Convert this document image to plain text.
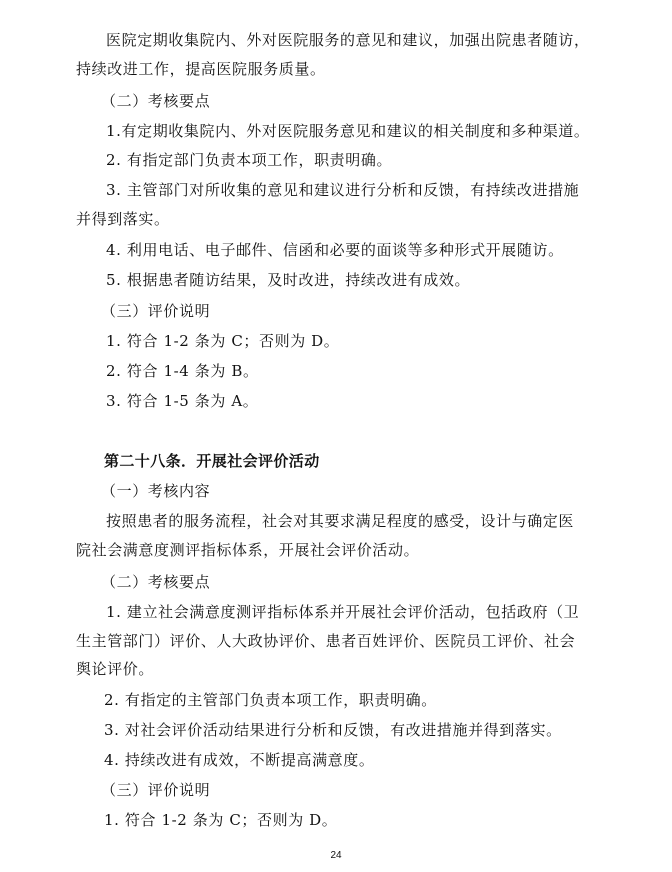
医院定期收集院内、外对医院服务的意见和建议，加强出院患者随访，
持续改进工作，提高医院服务质量。
（二）考核要点
1.有定期收集院内、外对医院服务意见和建议的相关制度和多种渠道。
2. 有指定部门负责本项工作，职责明确。
3. 主管部门对所收集的意见和建议进行分析和反馈，有持续改进措施
并得到落实。
4. 利用电话、电子邮件、信函和必要的面谈等多种形式开展随访。
5. 根据患者随访结果，及时改进，持续改进有成效。
（三）评价说明
1. 符合 1-2 条为 C；否则为 D。
2. 符合 1-4 条为 B。
3. 符合 1-5 条为 A。
第二十八条．开展社会评价活动
（一）考核内容
按照患者的服务流程，社会对其要求满足程度的感受，设计与确定医
院社会满意度测评指标体系，开展社会评价活动。
（二）考核要点
1. 建立社会满意度测评指标体系并开展社会评价活动，包括政府（卫
生主管部门）评价、人大政协评价、患者百姓评价、医院员工评价、社会
舆论评价。
2. 有指定的主管部门负责本项工作，职责明确。
3. 对社会评价活动结果进行分析和反馈，有改进措施并得到落实。
4. 持续改进有成效，不断提高满意度。
（三）评价说明
1. 符合 1-2 条为 C；否则为 D。
24
